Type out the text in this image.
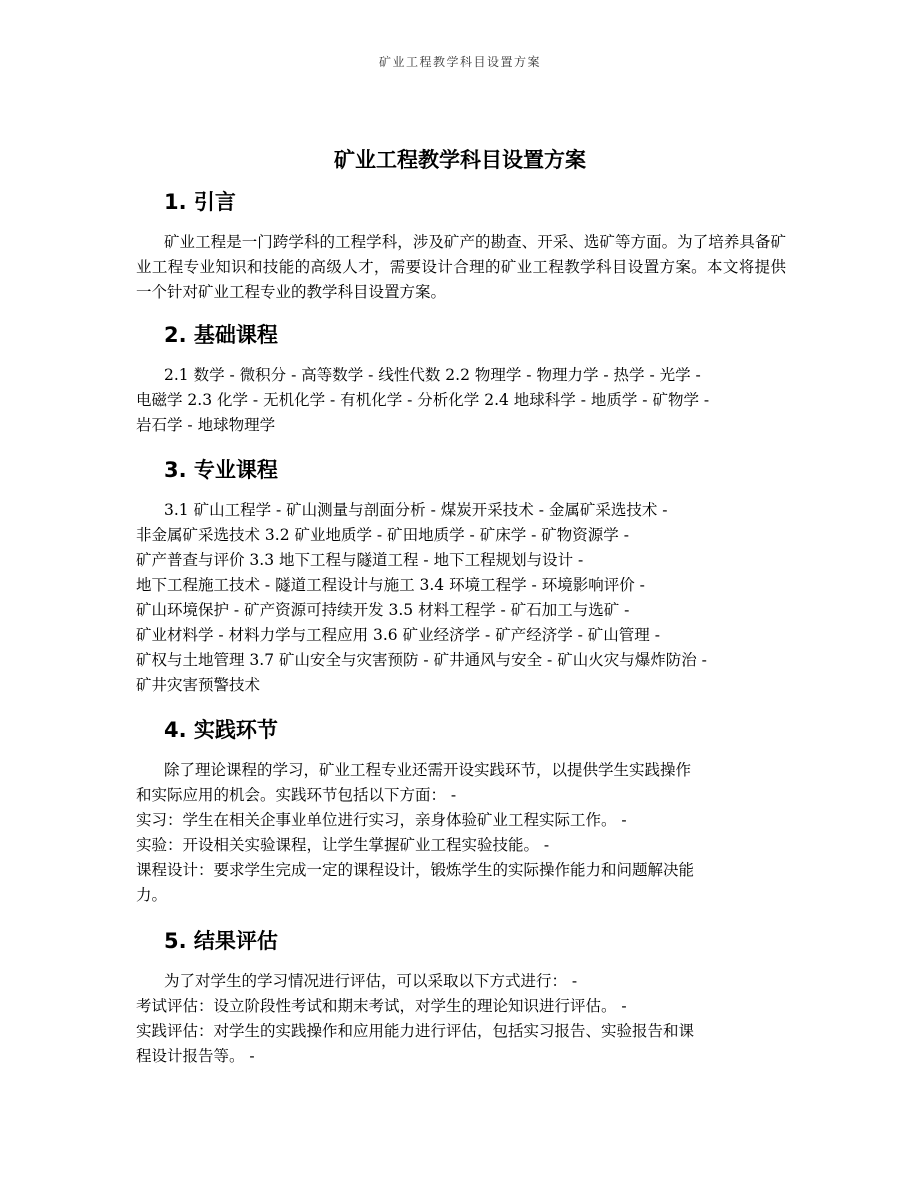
矿业工程教学科目设置方案
矿业工程教学科目设置方案
1. 引言

矿业工程是一门跨学科的工程学科，涉及矿产的勘查、开采、选矿等方面。为了培养具备矿业工程专业知识和技能的高级人才，需要设计合理的矿业工程教学科目设置方案。本文将提供一个针对矿业工程专业的教学科目设置方案。

2. 基础课程

2.1 数学 - 微积分 - 高等数学 - 线性代数 2.2 物理学 - 物理力学 - 热学 - 光学 -
电磁学 2.3 化学 - 无机化学 - 有机化学 - 分析化学 2.4 地球科学 - 地质学 - 矿物学 -
岩石学 - 地球物理学

3. 专业课程

3.1 矿山工程学 - 矿山测量与剖面分析 - 煤炭开采技术 - 金属矿采选技术 -
非金属矿采选技术 3.2 矿业地质学 - 矿田地质学 - 矿床学 - 矿物资源学 -
矿产普查与评价 3.3 地下工程与隧道工程 - 地下工程规划与设计 -
地下工程施工技术 - 隧道工程设计与施工 3.4 环境工程学 - 环境影响评价 -
矿山环境保护 - 矿产资源可持续开发 3.5 材料工程学 - 矿石加工与选矿 -
矿业材料学 - 材料力学与工程应用 3.6 矿业经济学 - 矿产经济学 - 矿山管理 -
矿权与土地管理 3.7 矿山安全与灾害预防 - 矿井通风与安全 - 矿山火灾与爆炸防治 -
矿井灾害预警技术

4. 实践环节

除了理论课程的学习，矿业工程专业还需开设实践环节，以提供学生实践操作
和实际应用的机会。实践环节包括以下方面： -
实习：学生在相关企事业单位进行实习，亲身体验矿业工程实际工作。 -
实验：开设相关实验课程，让学生掌握矿业工程实验技能。 -
课程设计：要求学生完成一定的课程设计，锻炼学生的实际操作能力和问题解决能
力。

5. 结果评估

为了对学生的学习情况进行评估，可以采取以下方式进行： -
考试评估：设立阶段性考试和期末考试，对学生的理论知识进行评估。 -
实践评估：对学生的实践操作和应用能力进行评估，包括实习报告、实验报告和课
程设计报告等。 -
